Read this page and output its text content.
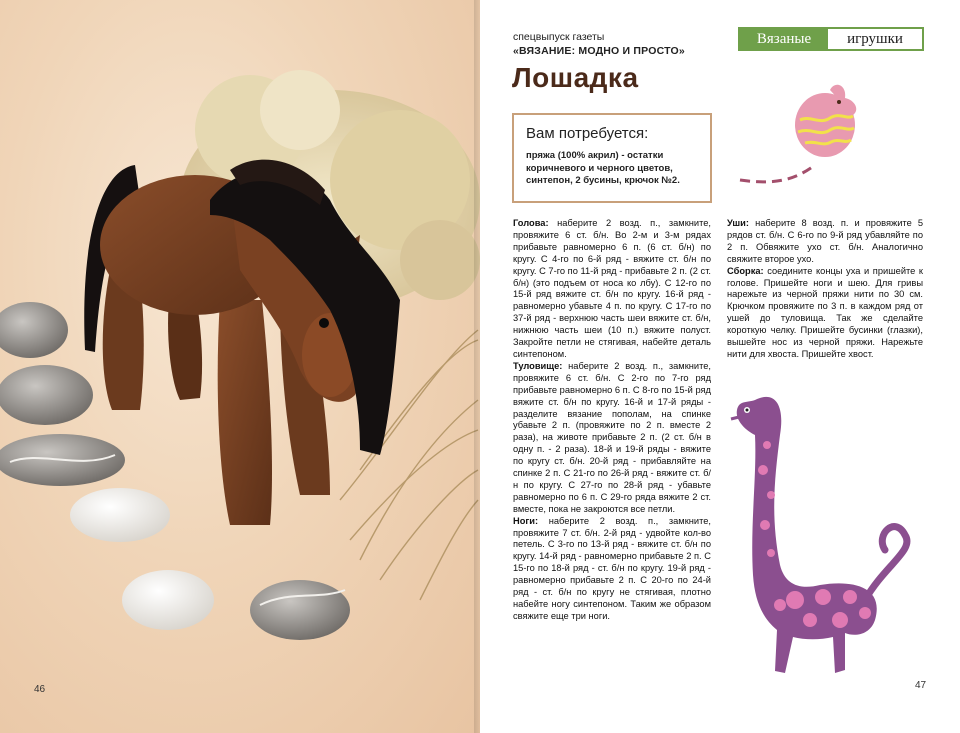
46
спецвыпуск газеты
«ВЯЗАНИЕ: МОДНО И ПРОСТО»
Вязаные	игрушки
Лошадка
Вам потребуется:
пряжа (100% акрил) - остатки коричневого и черного цветов, синтепон, 2 бусины, крючок №2.

Голова: наберите 2 возд. п., замкните, провяжите 6 ст. б/н. Во 2-м и 3-м рядах прибавьте равномерно 6 п. (6 ст. б/н) по кругу. С 4-го по 6-й ряд - вяжите ст. б/н по кругу. С 7-го по 11-й ряд - прибавьте 2 п. (2 ст. б/н) (это подъем от носа ко лбу). С 12-го по 15-й ряд вяжите ст. б/н по кругу. 16-й ряд - равномерно убавьте 4 п. по кругу. С 17-го по 37-й ряд - верхнюю часть шеи вяжите ст. б/н, нижнюю часть шеи (10 п.) вяжите полуст. Закройте петли не стягивая, набейте деталь синтепоном.

Туловище: наберите 2 возд. п., замкните, провяжите 6 ст. б/н. С 2-го по 7-го ряд прибавьте равномерно 6 п. С 8-го по 15-й ряд вяжите ст. б/н по кругу. 16-й и 17-й ряды - разделите вязание пополам, на спинке убавьте 2 п. (провяжите по 2 п. вместе 2 раза), на животе прибавьте 2 п. (2 ст. б/н в одну п. - 2 раза). 18-й и 19-й ряды - вяжите по кругу ст. б/н. 20-й ряд - прибавляйте на спинке 2 п. С 21-го по 26-й ряд - вяжите ст. б/н по кругу. С 27-го по 28-й ряд - убавьте равномерно по 6 п. С 29-го ряда вяжите 2 ст. вместе, пока не закроются все петли.

Ноги: наберите 2 возд. п., замкните, провяжите 7 ст. б/н. 2-й ряд - удвойте кол-во петель. С 3-го по 13-й ряд - вяжите ст. б/н по кругу. 14-й ряд - равномерно прибавьте 2 п. С 15-го по 18-й ряд - ст. б/н по кругу. 19-й ряд - равномерно прибавьте 2 п. С 20-го по 24-й ряд - ст. б/н по кругу не стягивая, плотно набейте ногу синтепоном. Таким же образом свяжите еще три ноги.

Уши: наберите 8 возд. п. и провяжите 5 рядов ст. б/н. С 6-го по 9-й ряд убавляйте по 2 п. Обвяжите ухо ст. б/н. Аналогично свяжите второе ухо.

Сборка: соедините концы уха и пришейте к голове. Пришейте ноги и шею. Для гривы нарежьте из черной пряжи нити по 30 см. Крючком провяжите по 3 п. в каждом ряд от ушей до туловища. Так же сделайте короткую челку. Пришейте бусинки (глазки), вышейте нос из черной пряжи. Нарежьте нити для хвоста. Пришейте хвост.

47
